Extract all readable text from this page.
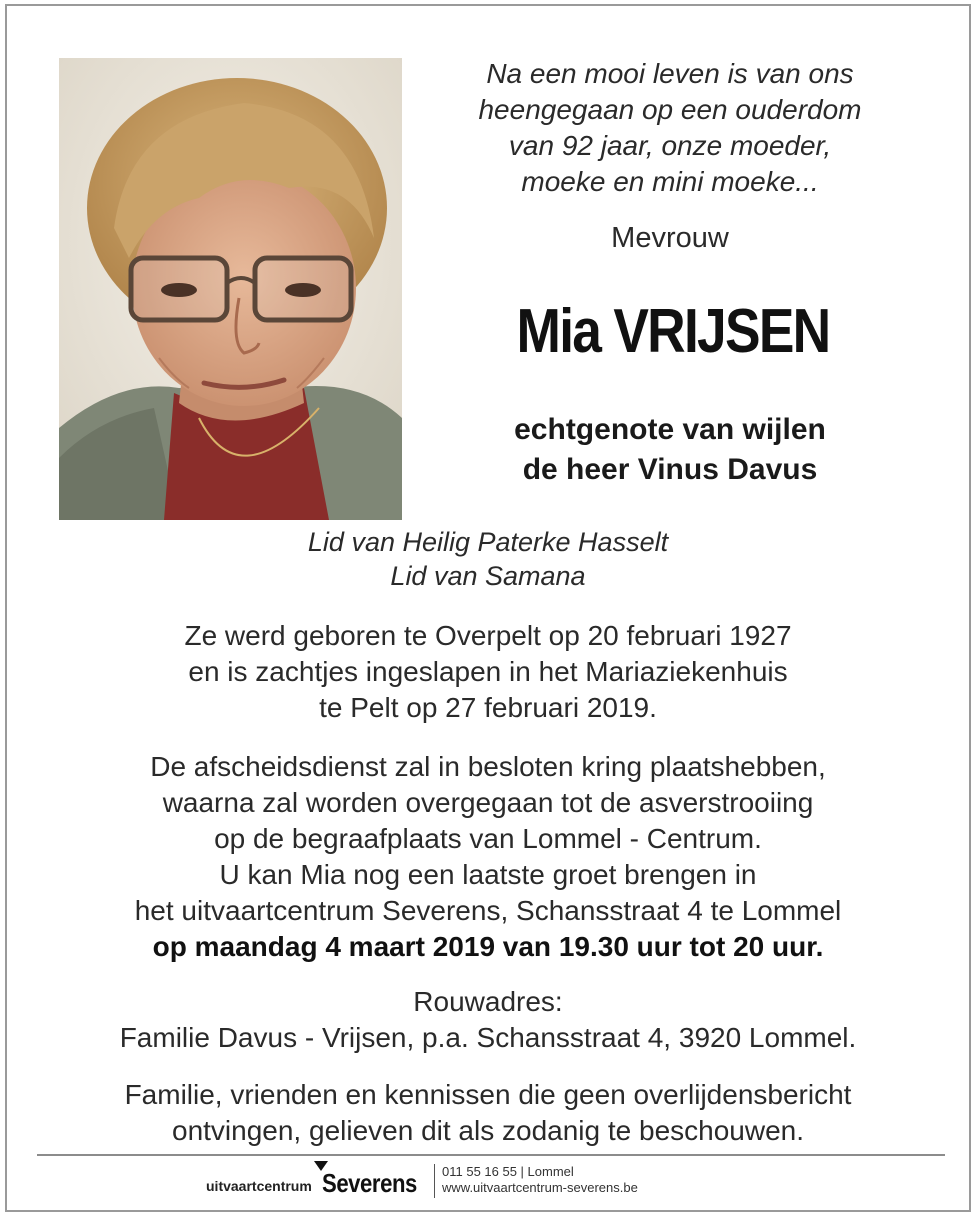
Na een mooi leven is van ons
heengegaan op een ouderdom
van 92 jaar, onze moeder,
moeke en mini moeke...
Mevrouw
Mia VRIJSEN
echtgenote van wijlen
de heer Vinus Davus
Lid van Heilig Paterke Hasselt
Lid van Samana
Ze werd geboren te Overpelt op 20 februari 1927
en is zachtjes ingeslapen in het Mariaziekenhuis
te Pelt op 27 februari 2019.
De afscheidsdienst zal in besloten kring plaatshebben,
waarna zal worden overgegaan tot de asverstrooiing
op de begraafplaats van Lommel - Centrum.
U kan Mia nog een laatste groet brengen in
het uitvaartcentrum Severens, Schansstraat 4 te Lommel
op maandag 4 maart 2019 van 19.30 uur tot 20 uur.
Rouwadres:
Familie Davus - Vrijsen, p.a. Schansstraat 4, 3920 Lommel.
Familie, vrienden en kennissen die geen overlijdensbericht
ontvingen, gelieven dit als zodanig te beschouwen.
uitvaartcentrum Severens 011 55 16 55 | Lommel
www.uitvaartcentrum-severens.be
